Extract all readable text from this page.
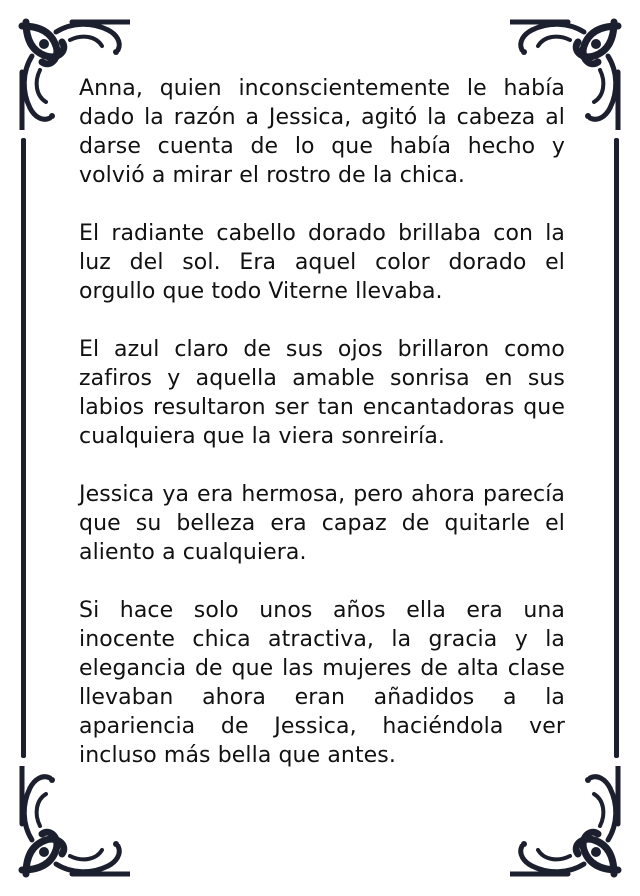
Anna, quien inconscientemente le había dado la razón a Jessica, agitó la cabeza al darse cuenta de lo que había hecho y volvió a mirar el rostro de la chica.

El radiante cabello dorado brillaba con la luz del sol. Era aquel color dorado el orgullo que todo Viterne llevaba.

El azul claro de sus ojos brillaron como zafiros y aquella amable sonrisa en sus labios resultaron ser tan encantadoras que cualquiera que la viera sonreiría.

Jessica ya era hermosa, pero ahora parecía que su belleza era capaz de quitarle el aliento a cualquiera.

Si hace solo unos años ella era una inocente chica atractiva, la gracia y la elegancia de que las mujeres de alta clase llevaban ahora eran añadidos a la apariencia de Jessica, haciéndola ver incluso más bella que antes.
